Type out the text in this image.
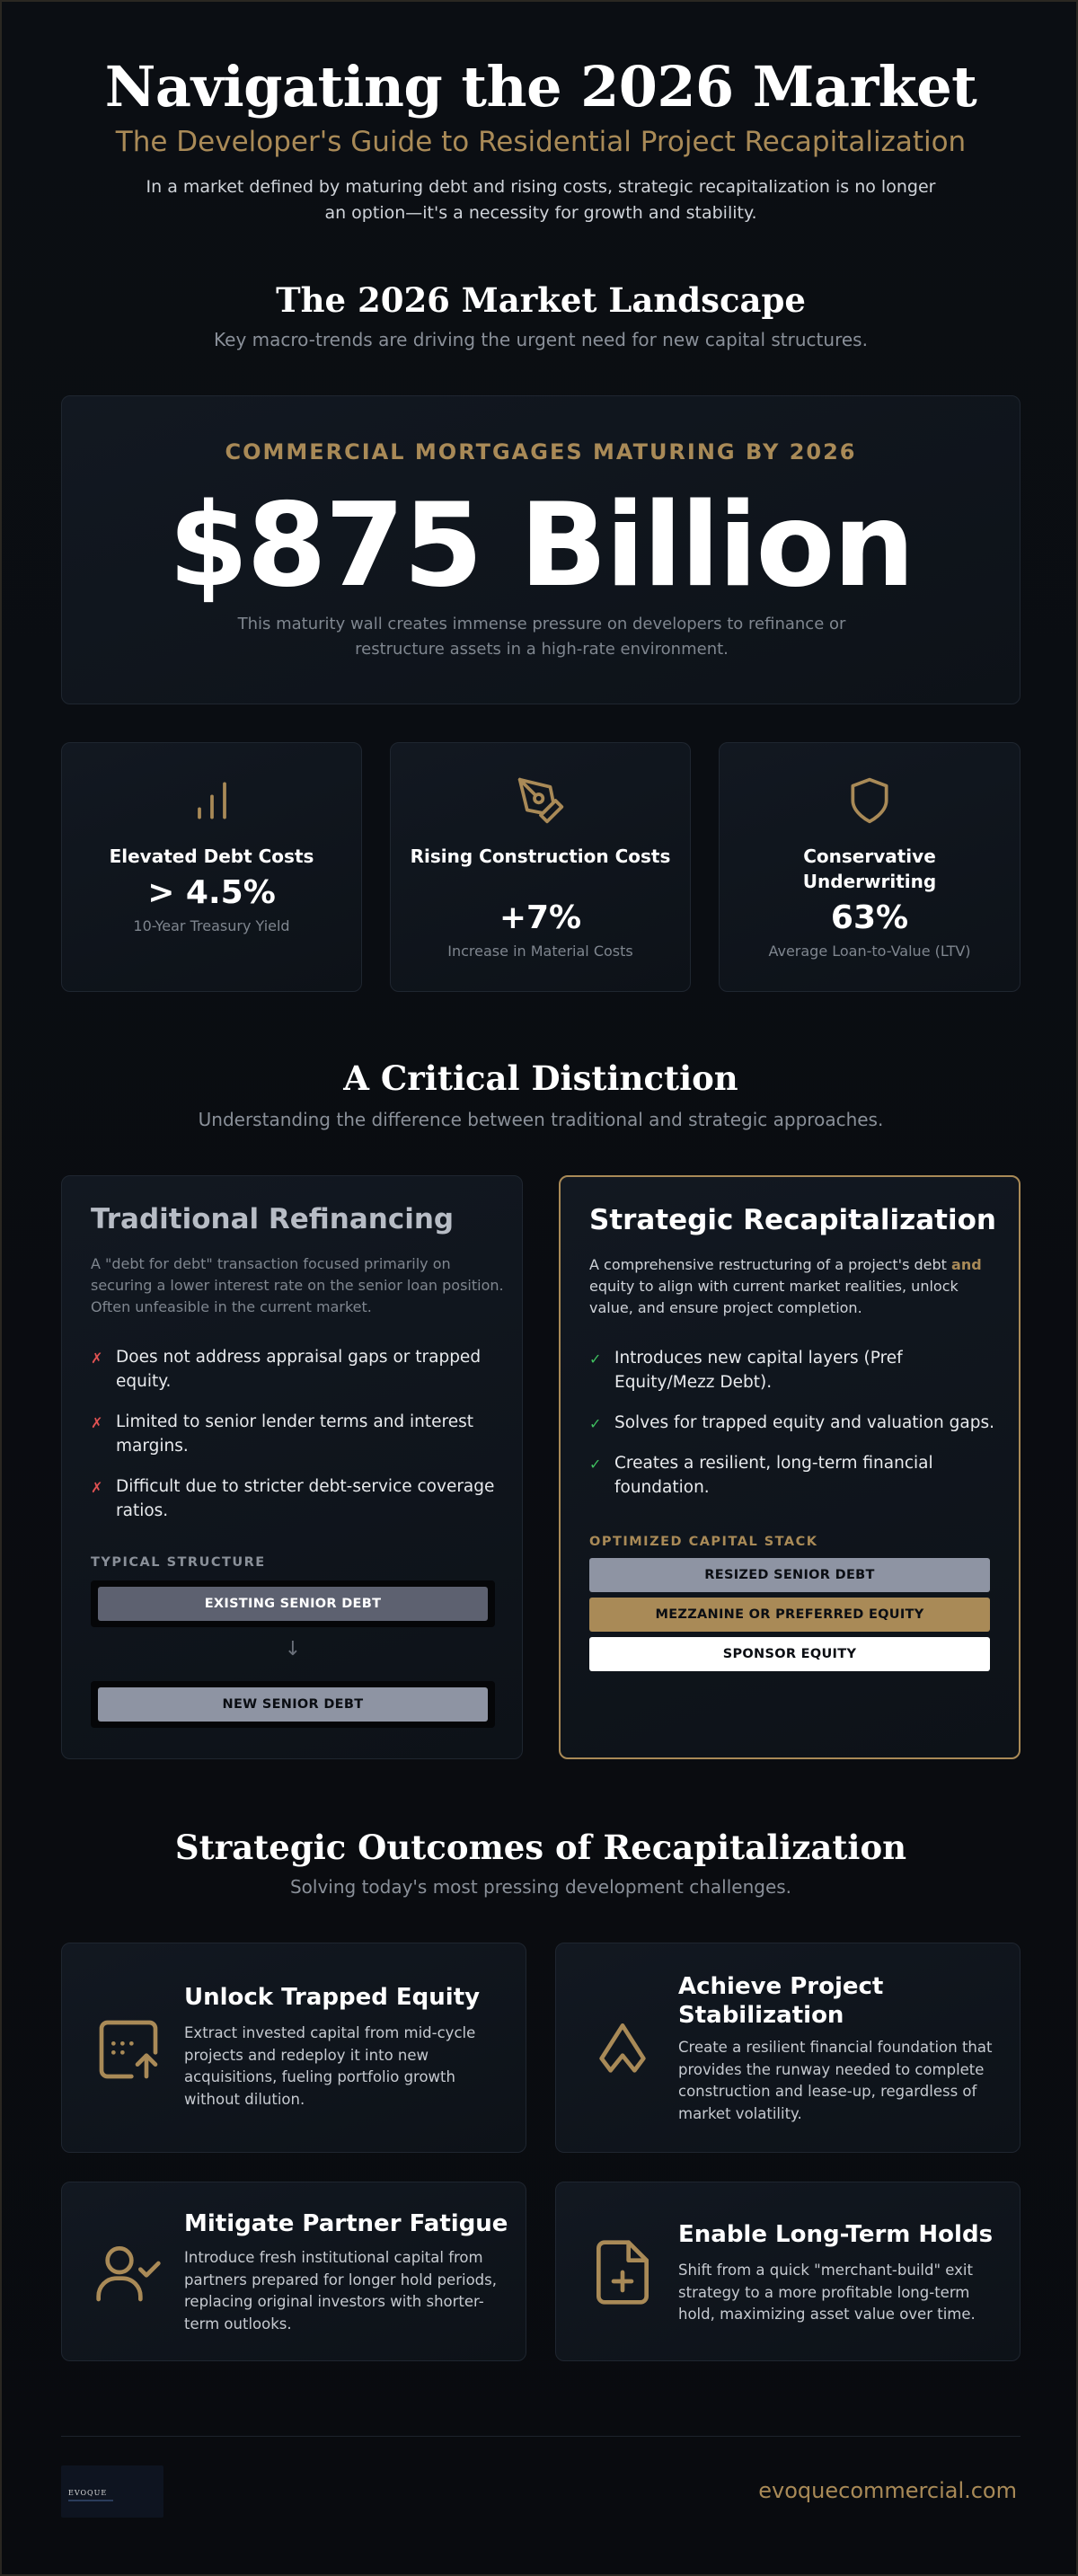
Navigating the 2026 Market
The Developer's Guide to Residential Project Recapitalization

In a market defined by maturing debt and rising costs, strategic recapitalization is no longer an option—it's a necessity for growth and stability.

The 2026 Market Landscape
Key macro-trends are driving the urgent need for new capital structures.
COMMERCIAL MORTGAGES MATURING BY 2026
$875 Billion
This maturity wall creates immense pressure on developers to refinance or restructure assets in a high-rate environment.
Elevated Debt Costs
> 4.5%
10-Year Treasury Yield
Rising Construction Costs
+7%
Increase in Material Costs
Conservative Underwriting
63%
Average Loan-to-Value (LTV)
A Critical Distinction
Understanding the difference between traditional and strategic approaches.
Traditional Refinancing
A "debt for debt" transaction focused primarily on securing a lower interest rate on the senior loan position. Often unfeasible in the current market.
✗ Does not address appraisal gaps or trapped equity.
✗ Limited to senior lender terms and interest margins.
✗ Difficult due to stricter debt-service coverage ratios.
TYPICAL STRUCTURE
EXISTING SENIOR DEBT
↓
NEW SENIOR DEBT
Strategic Recapitalization
A comprehensive restructuring of a project's debt and equity to align with current market realities, unlock value, and ensure project completion.
✓ Introduces new capital layers (Pref Equity/Mezz Debt).
✓ Solves for trapped equity and valuation gaps.
✓ Creates a resilient, long-term financial foundation.
OPTIMIZED CAPITAL STACK
RESIZED SENIOR DEBT
MEZZANINE OR PREFERRED EQUITY
SPONSOR EQUITY
Strategic Outcomes of Recapitalization
Solving today's most pressing development challenges.
Unlock Trapped Equity
Extract invested capital from mid-cycle projects and redeploy it into new acquisitions, fueling portfolio growth without dilution.
Achieve Project Stabilization
Create a resilient financial foundation that provides the runway needed to complete construction and lease-up, regardless of market volatility.
Mitigate Partner Fatigue
Introduce fresh institutional capital from partners prepared for longer hold periods, replacing original investors with shorter-term outlooks.
Enable Long-Term Holds
Shift from a quick "merchant-build" exit strategy to a more profitable long-term hold, maximizing asset value over time.
EVOQUE	evoquecommercial.com
